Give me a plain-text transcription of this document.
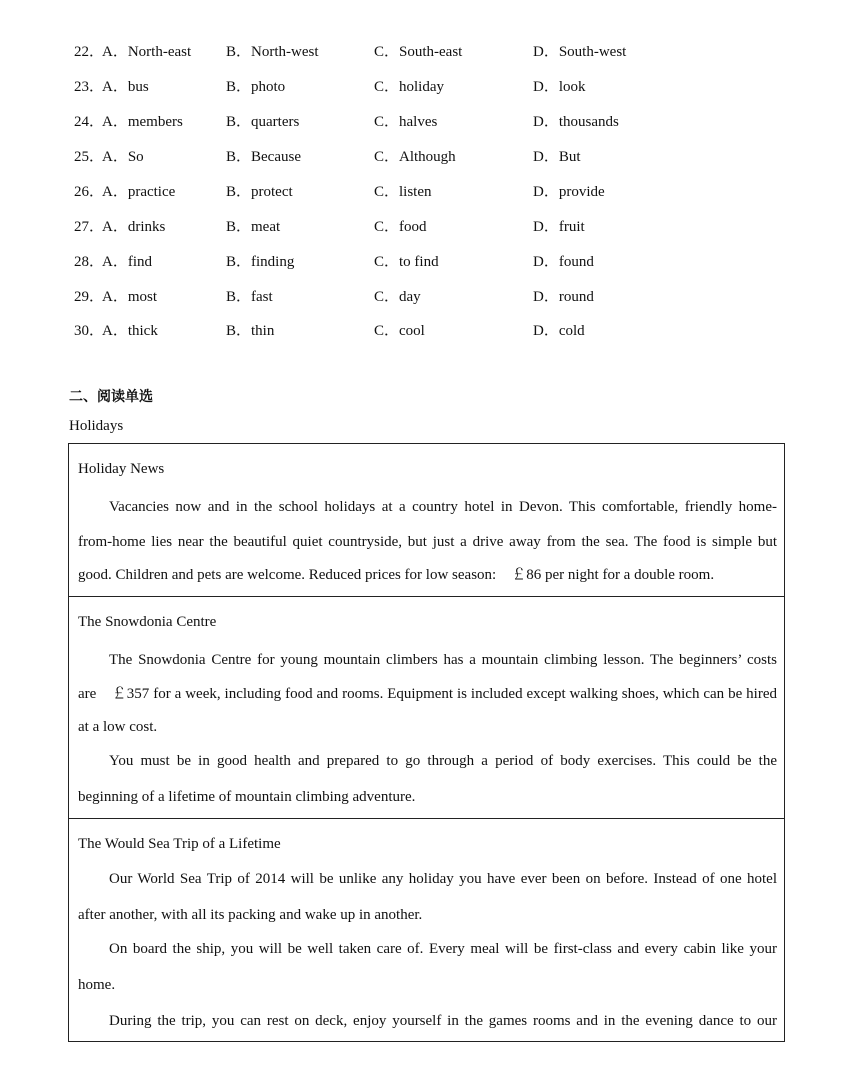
22．
A．North-east B．North-west	C．South-east	D．South-west
23．
A．bus	B．photo	C．holiday	D．look
24．
A．members	B．quarters	C．halves	D．thousands
25．
A．So	B．Because	C．Although	D．But
26．
A．practice	B．protect	C．listen	D．provide
27．
A．drinks	B．meat	C．food	D．fruit
28．
A．find	B．finding	C．to find	D．found
29．
A．most	B．fast	C．day	D．round
30．
A．thick	B．thin	C．cool	D．cold
二、阅读单选
Holidays
Holiday News
Vacancies now and in the school holidays at a country hotel in Devon. This comfortable, friendly home-
from-home lies near the beautiful quiet countryside, but just a drive away from the sea. The food is simple but
good. Children and pets are welcome. Reduced prices for low season:　￡86 per night for a double room.
The Snowdonia Centre
The Snowdonia Centre for young mountain climbers has a mountain climbing lesson. The beginners’ costs
are　￡357 for a week, including food and rooms. Equipment is included except walking shoes, which can be hired
at a low cost.
You must be in good health and prepared to go through a period of body exercises. This could be the
beginning of a lifetime of mountain climbing adventure.
The Would Sea Trip of a Lifetime
Our World Sea Trip of 2014 will be unlike any holiday you have ever been on before. Instead of one hotel
after another, with all its packing and wake up in another.
On board the ship, you will be well taken care of. Every meal will be first-class and every cabin like your
home.
During the trip, you can rest on deck, enjoy yourself in the games rooms and in the evening dance to our
